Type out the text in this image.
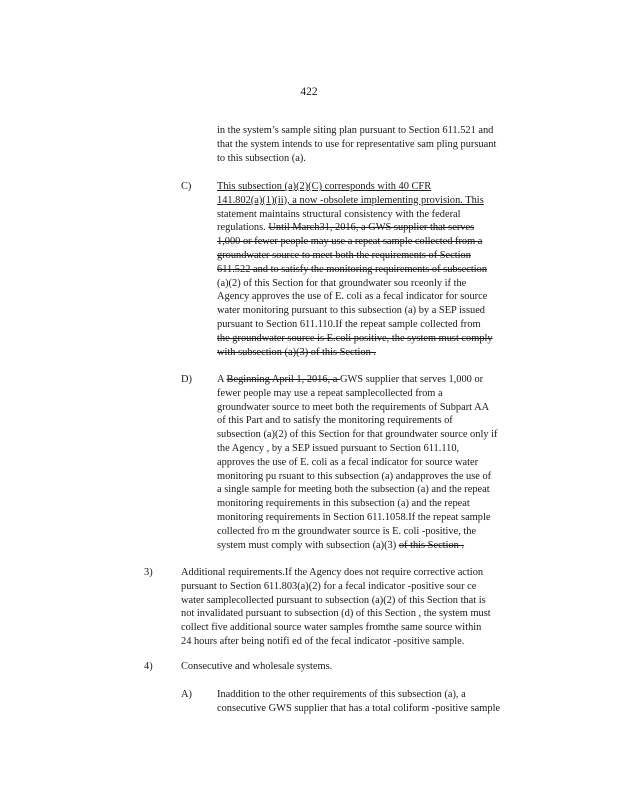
422
in the system’s sample siting plan pursuant to Section 611.521 and
that the system intends to use for representative sam pling pursuant
to this subsection (a).
C) This subsection (a)(2)(C) corresponds with 40 CFR
141.802(a)(1)(ii), a now -obsolete implementing provision. This
statement maintains structural consistency with the federal
regulations. Until March31, 2016, a GWS supplier that serves
1,000 or fewer people may use a repeat sample collected from a
groundwater source to meet both the requirements of Section
611.522 and to satisfy the monitoring requirements of subsection
(a)(2) of this Section for that groundwater sou rceonly if the
Agency approves the use of E. coli as a fecal indicator for source
water monitoring pursuant to this subsection (a) by a SEP issued
pursuant to Section 611.110.If the repeat sample collected from
the groundwater source is E.coli positive, the system must comply
with subsection (a)(3) of this Section .
D) A Beginning April 1, 2016, a GWS supplier that serves 1,000 or
fewer people may use a repeat samplecollected from a
groundwater source to meet both the requirements of Subpart AA
of this Part and to satisfy the monitoring requirements of
subsection (a)(2) of this Section for that groundwater source only if
the Agency , by a SEP issued pursuant to Section 611.110,
approves the use of E. coli as a fecal indicator for source water
monitoring pu rsuant to this subsection (a) andapproves the use of
a single sample for meeting both the subsection (a) and the repeat
monitoring requirements in this subsection (a) and the repeat
monitoring requirements in Section 611.1058.If the repeat sample
collected fro m the groundwater source is E. coli -positive, the
system must comply with subsection (a)(3) of this Section .
3)	Additional requirements.If the Agency does not require corrective action
pursuant to Section 611.803(a)(2) for a fecal indicator -positive sour ce
water samplecollected pursuant to subsection (a)(2) of this Section that is
not invalidated pursuant to subsection (d) of this Section , the system must
collect five additional source water samples fromthe same source within
24 hours after being notifi ed of the fecal indicator -positive sample.
4)	Consecutive and wholesale systems.
A) Inaddition to the other requirements of this subsection (a), a
consecutive GWS supplier that has a total coliform -positive sample
